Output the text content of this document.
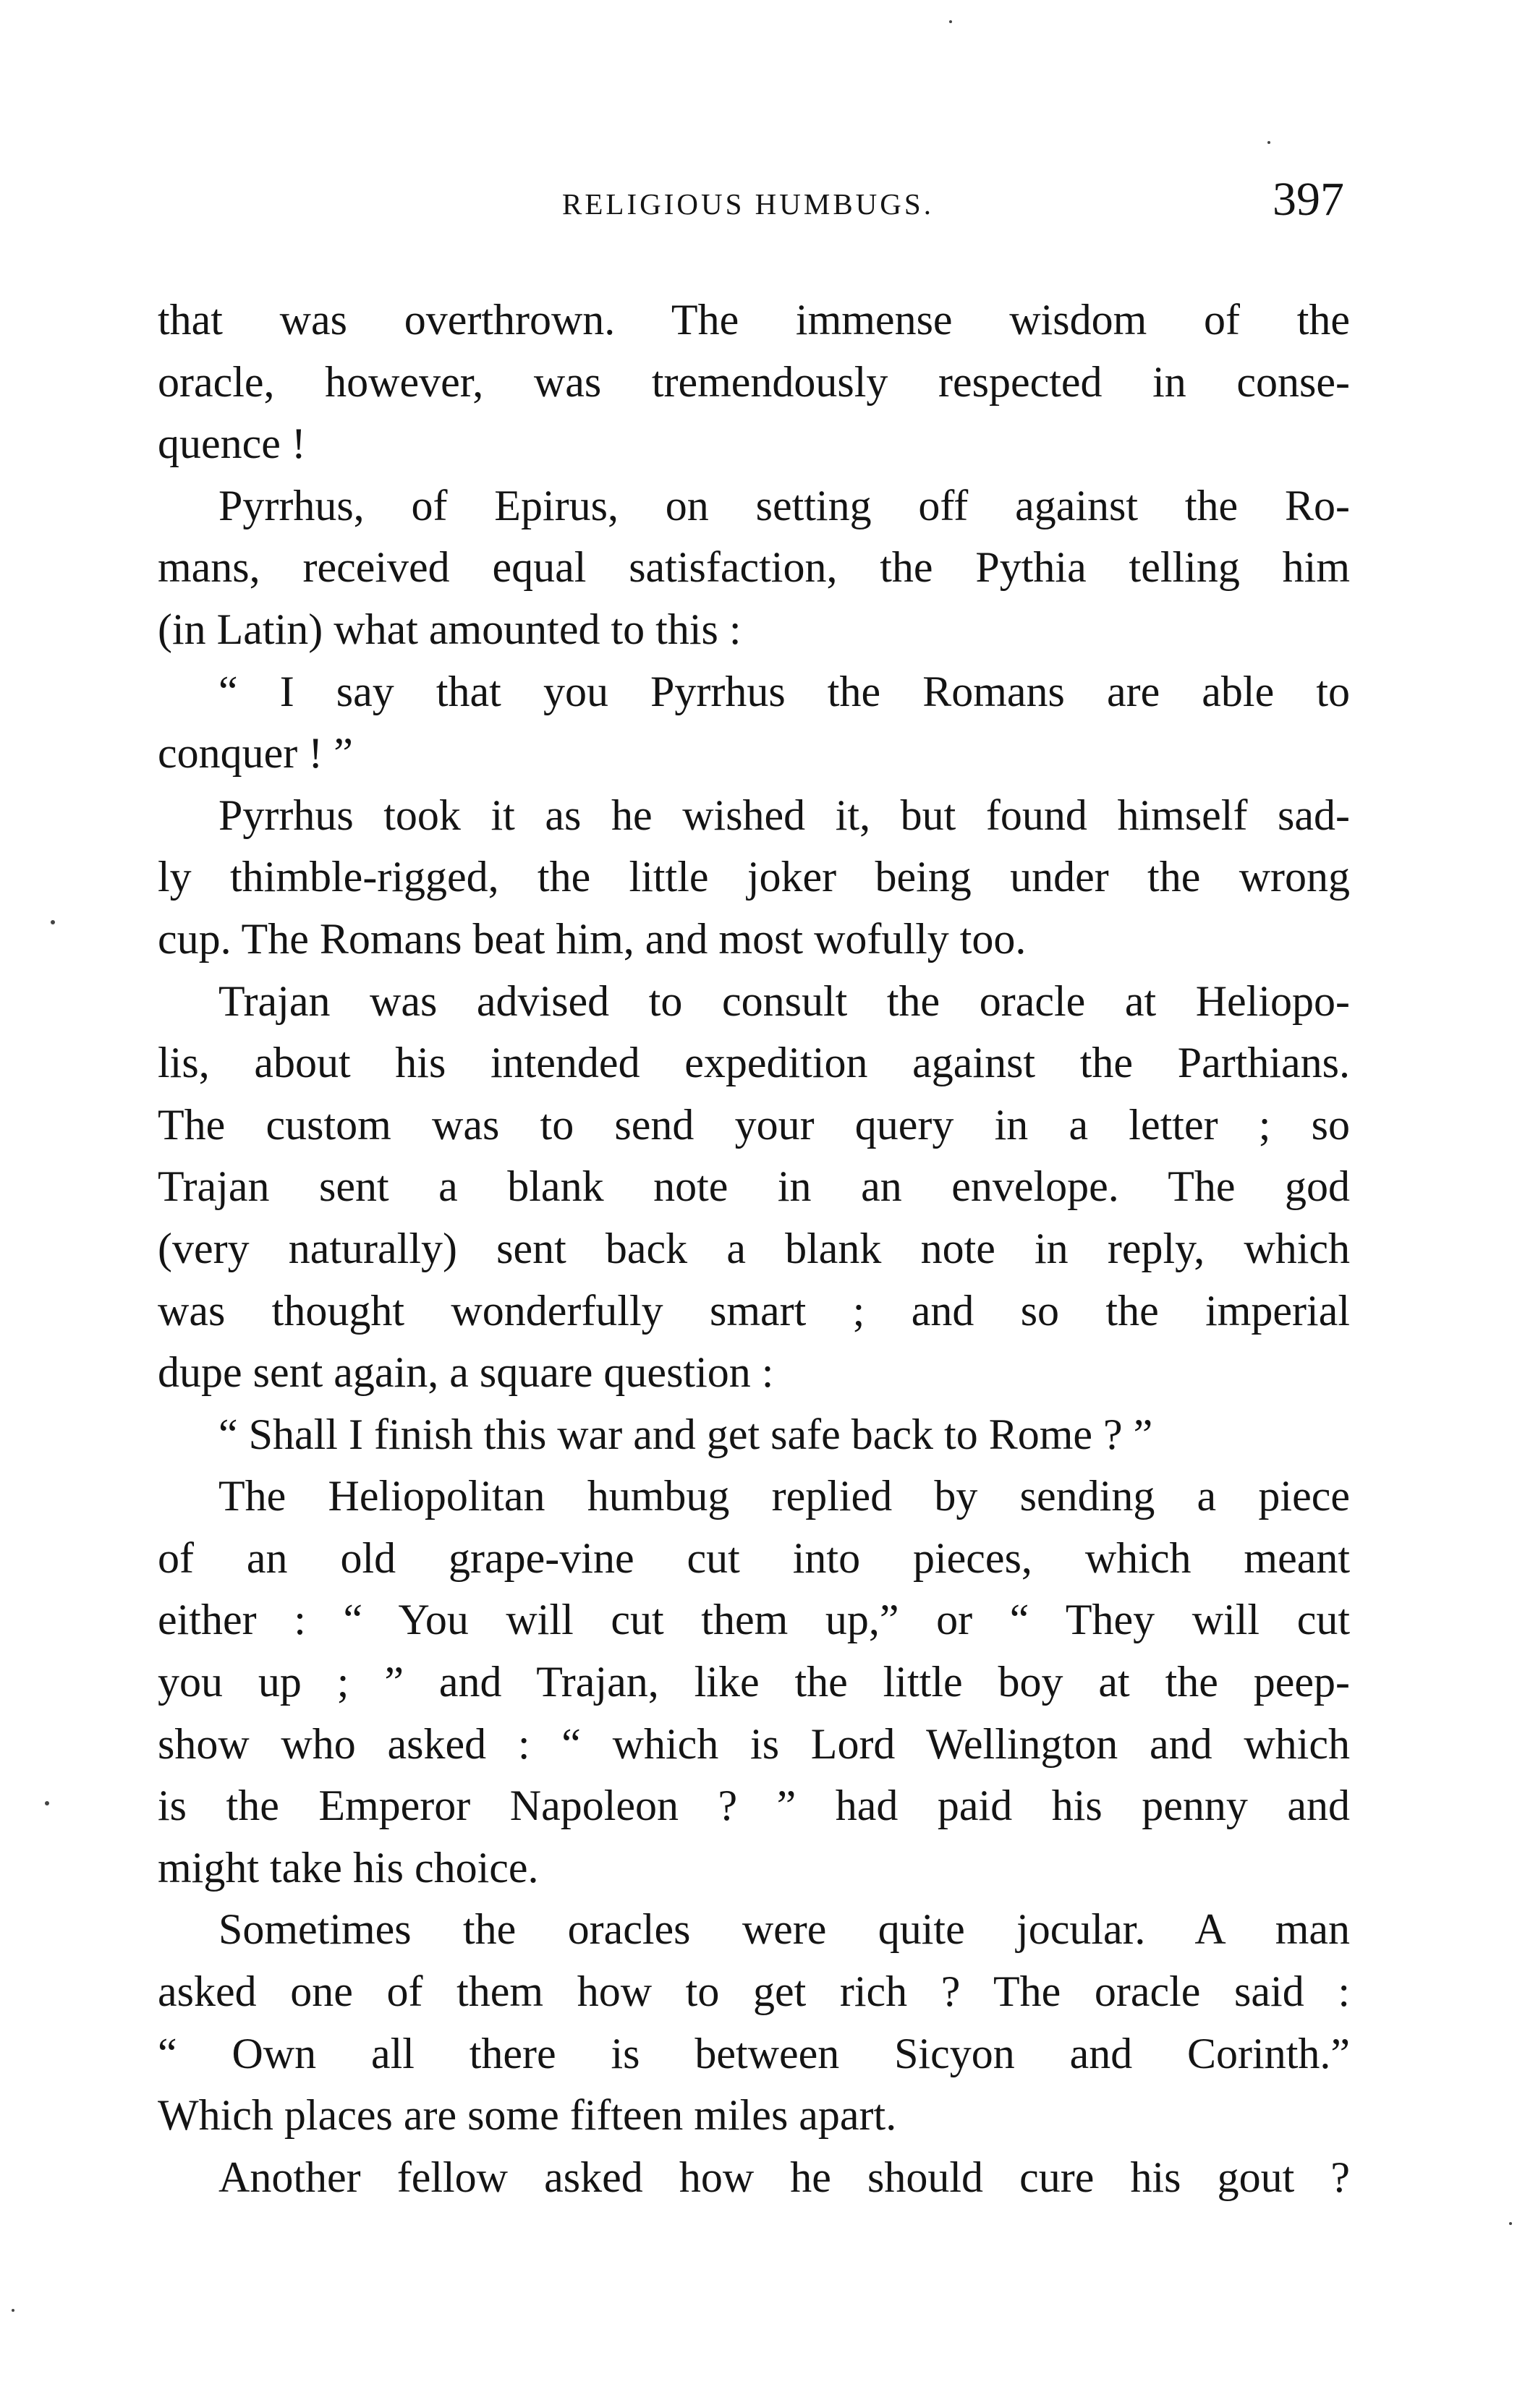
RELIGIOUS HUMBUGS.	397
that was overthrown. The immense wisdom of the
oracle, however, was tremendously respected in conse-
quence !
Pyrrhus, of Epirus, on setting off against the Ro-
mans, received equal satisfaction, the Pythia telling him
(in Latin) what amounted to this :
“ I say that you Pyrrhus the Romans are able to
conquer ! ”
Pyrrhus took it as he wished it, but found himself sad-
ly thimble-rigged, the little joker being under the wrong
cup. The Romans beat him, and most wofully too.
Trajan was advised to consult the oracle at Heliopo-
lis, about his intended expedition against the Parthians.
The custom was to send your query in a letter ; so
Trajan sent a blank note in an envelope. The god
(very naturally) sent back a blank note in reply, which
was thought wonderfully smart ; and so the imperial
dupe sent again, a square question :
“ Shall I finish this war and get safe back to Rome ? ”
The Heliopolitan humbug replied by sending a piece
of an old grape-vine cut into pieces, which meant
either : “ You will cut them up,” or “ They will cut
you up ; ” and Trajan, like the little boy at the peep-
show who asked : “ which is Lord Wellington and which
is the Emperor Napoleon ? ” had paid his penny and
might take his choice.
Sometimes the oracles were quite jocular. A man
asked one of them how to get rich ? The oracle said :
“ Own all there is between Sicyon and Corinth.”
Which places are some fifteen miles apart.
Another fellow asked how he should cure his gout ?
